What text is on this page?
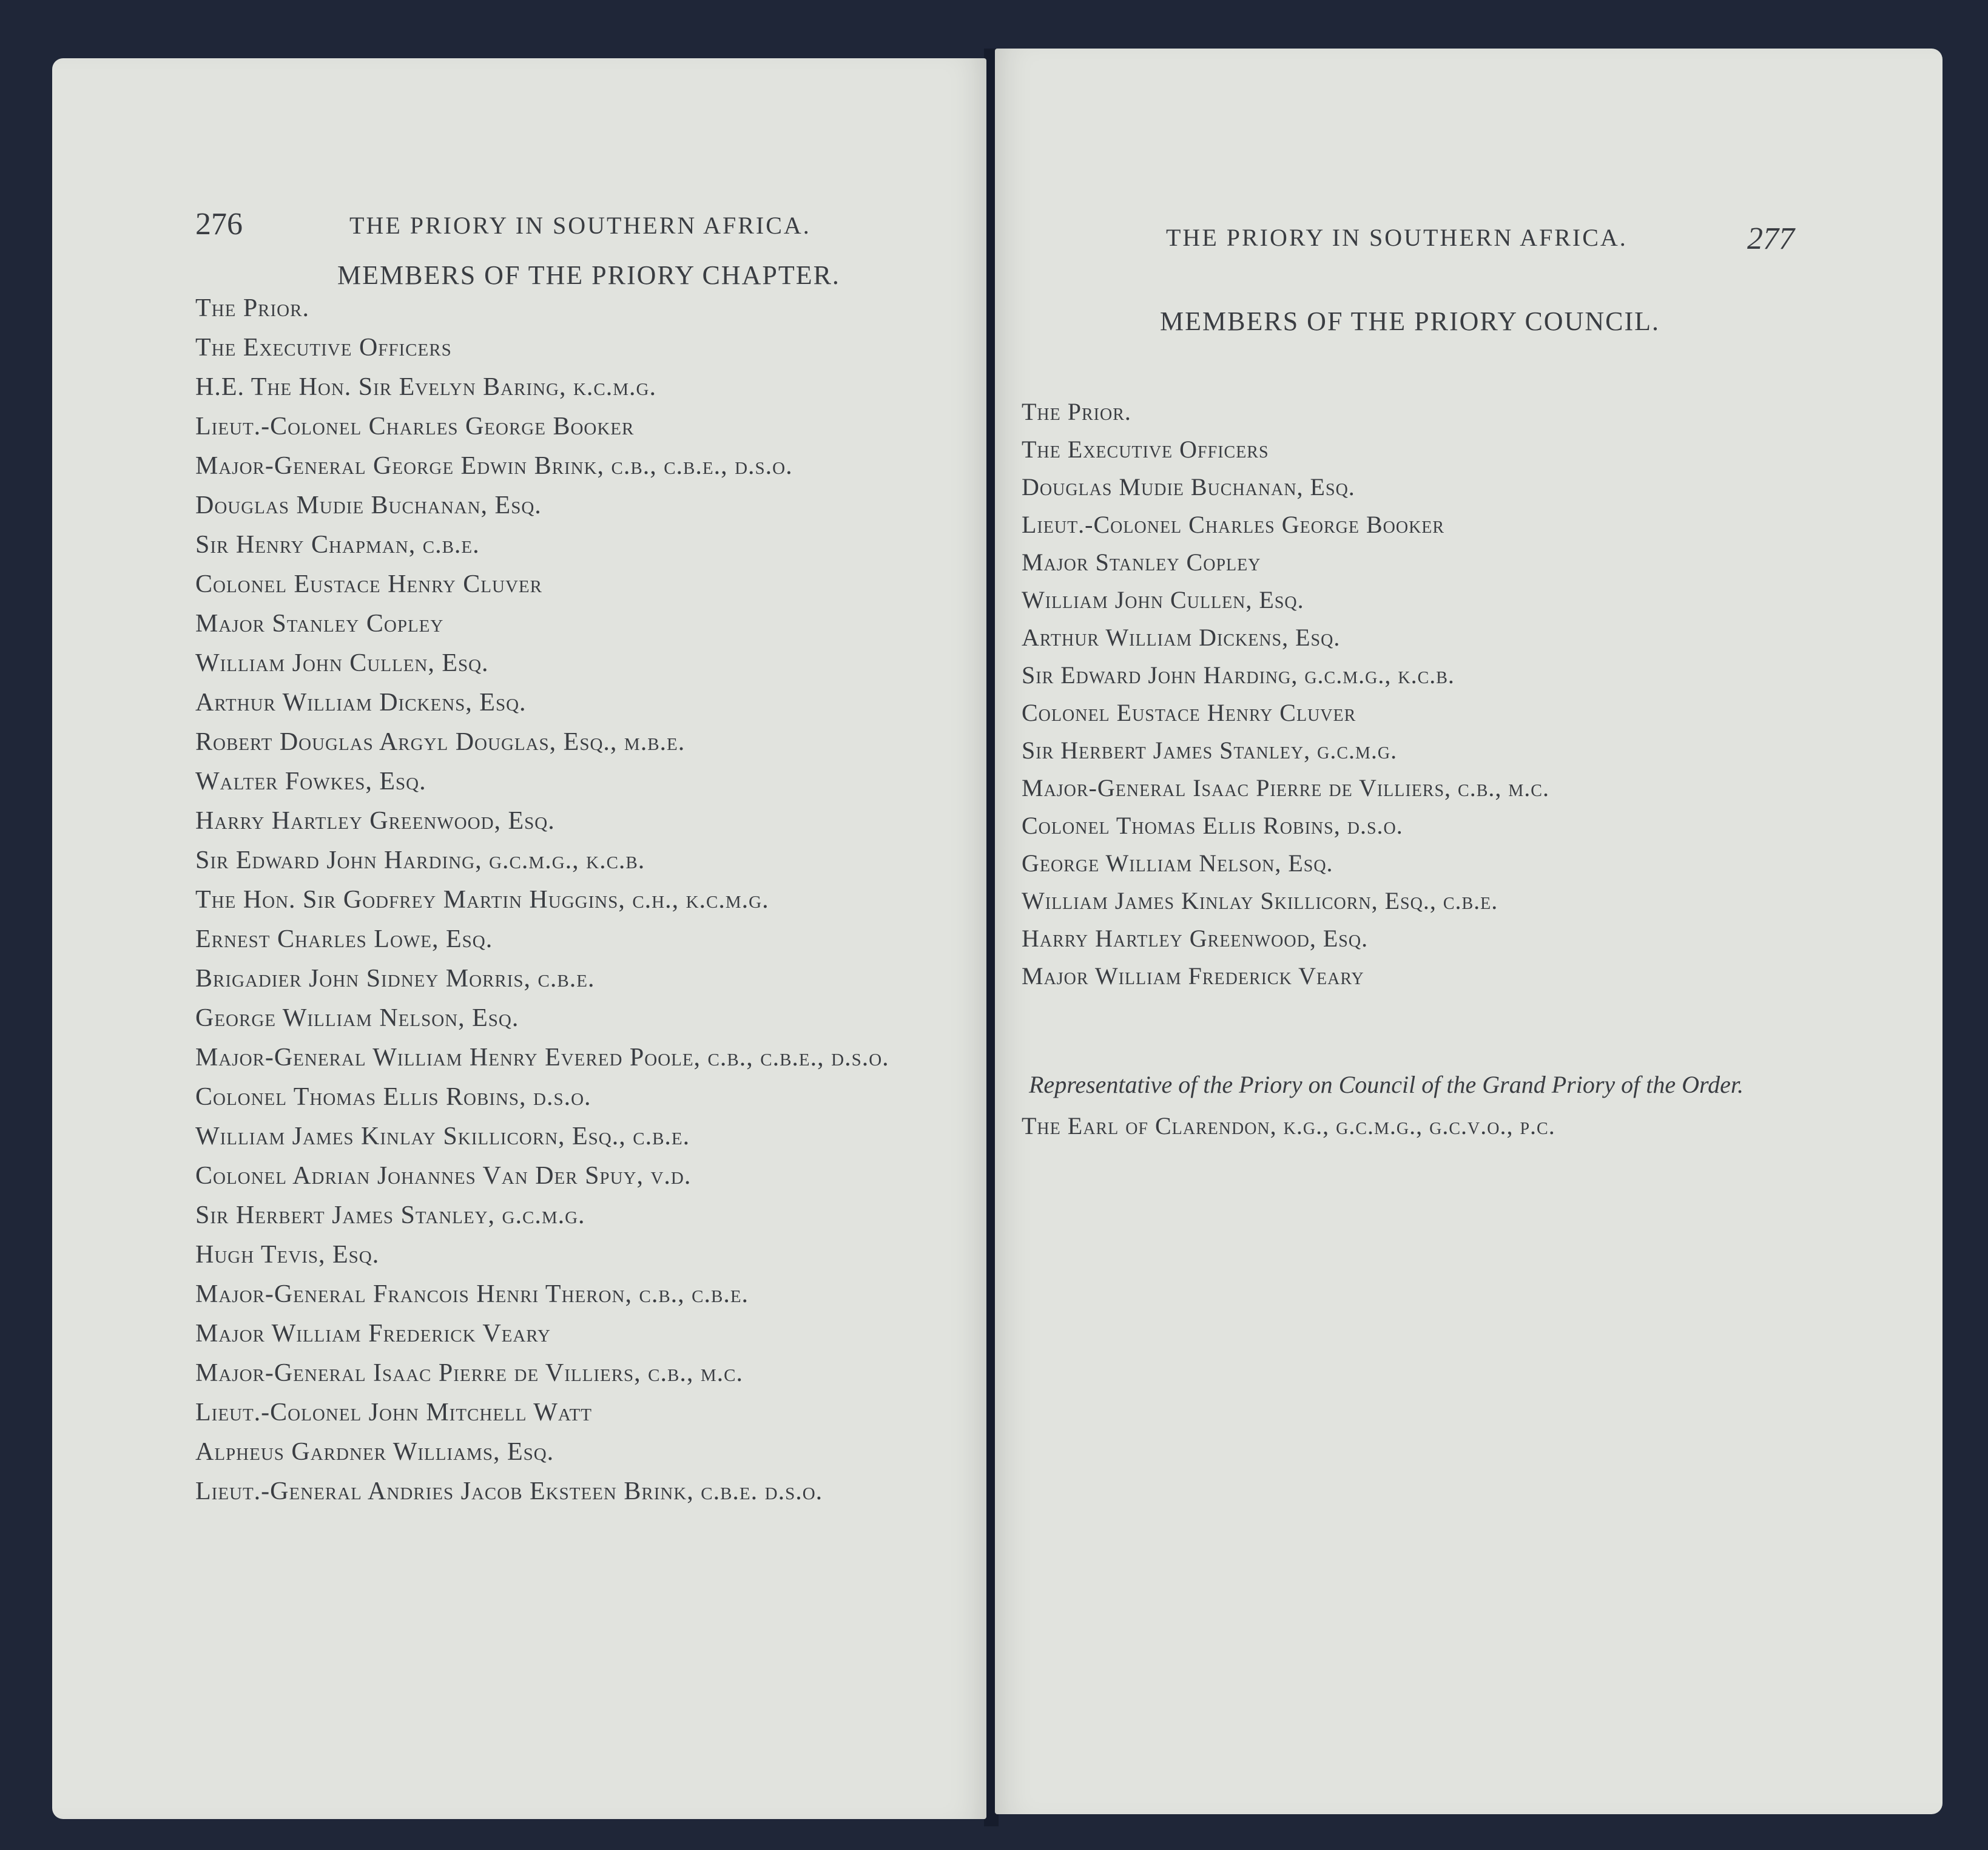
276	THE PRIORY IN SOUTHERN AFRICA.
MEMBERS OF THE PRIORY CHAPTER.
The Prior.
The Executive Officers
H.E. The Hon. Sir Evelyn Baring, k.c.m.g.
Lieut.-Colonel Charles George Booker
Major-General George Edwin Brink, c.b., c.b.e., d.s.o.
Douglas Mudie Buchanan, Esq.
Sir Henry Chapman, c.b.e.
Colonel Eustace Henry Cluver
Major Stanley Copley
William John Cullen, Esq.
Arthur William Dickens, Esq.
Robert Douglas Argyl Douglas, Esq., m.b.e.
Walter Fowkes, Esq.
Harry Hartley Greenwood, Esq.
Sir Edward John Harding, g.c.m.g., k.c.b.
The Hon. Sir Godfrey Martin Huggins, c.h., k.c.m.g.
Ernest Charles Lowe, Esq.
Brigadier John Sidney Morris, c.b.e.
George William Nelson, Esq.
Major-General William Henry Evered Poole, c.b., c.b.e., d.s.o.
Colonel Thomas Ellis Robins, d.s.o.
William James Kinlay Skillicorn, Esq., c.b.e.
Colonel Adrian Johannes Van Der Spuy, v.d.
Sir Herbert James Stanley, g.c.m.g.
Hugh Tevis, Esq.
Major-General Francois Henri Theron, c.b., c.b.e.
Major William Frederick Veary
Major-General Isaac Pierre de Villiers, c.b., m.c.
Lieut.-Colonel John Mitchell Watt
Alpheus Gardner Williams, Esq.
Lieut.-General Andries Jacob Eksteen Brink, c.b.e. d.s.o.
THE PRIORY IN SOUTHERN AFRICA.	277
MEMBERS OF THE PRIORY COUNCIL.
The Prior.
The Executive Officers
Douglas Mudie Buchanan, Esq.
Lieut.-Colonel Charles George Booker
Major Stanley Copley
William John Cullen, Esq.
Arthur William Dickens, Esq.
Sir Edward John Harding, g.c.m.g., k.c.b.
Colonel Eustace Henry Cluver
Sir Herbert James Stanley, g.c.m.g.
Major-General Isaac Pierre de Villiers, c.b., m.c.
Colonel Thomas Ellis Robins, d.s.o.
George William Nelson, Esq.
William James Kinlay Skillicorn, Esq., c.b.e.
Harry Hartley Greenwood, Esq.
Major William Frederick Veary
Representative of the Priory on Council of the Grand Priory of the Order.
The Earl of Clarendon, k.g., g.c.m.g., g.c.v.o., p.c.
